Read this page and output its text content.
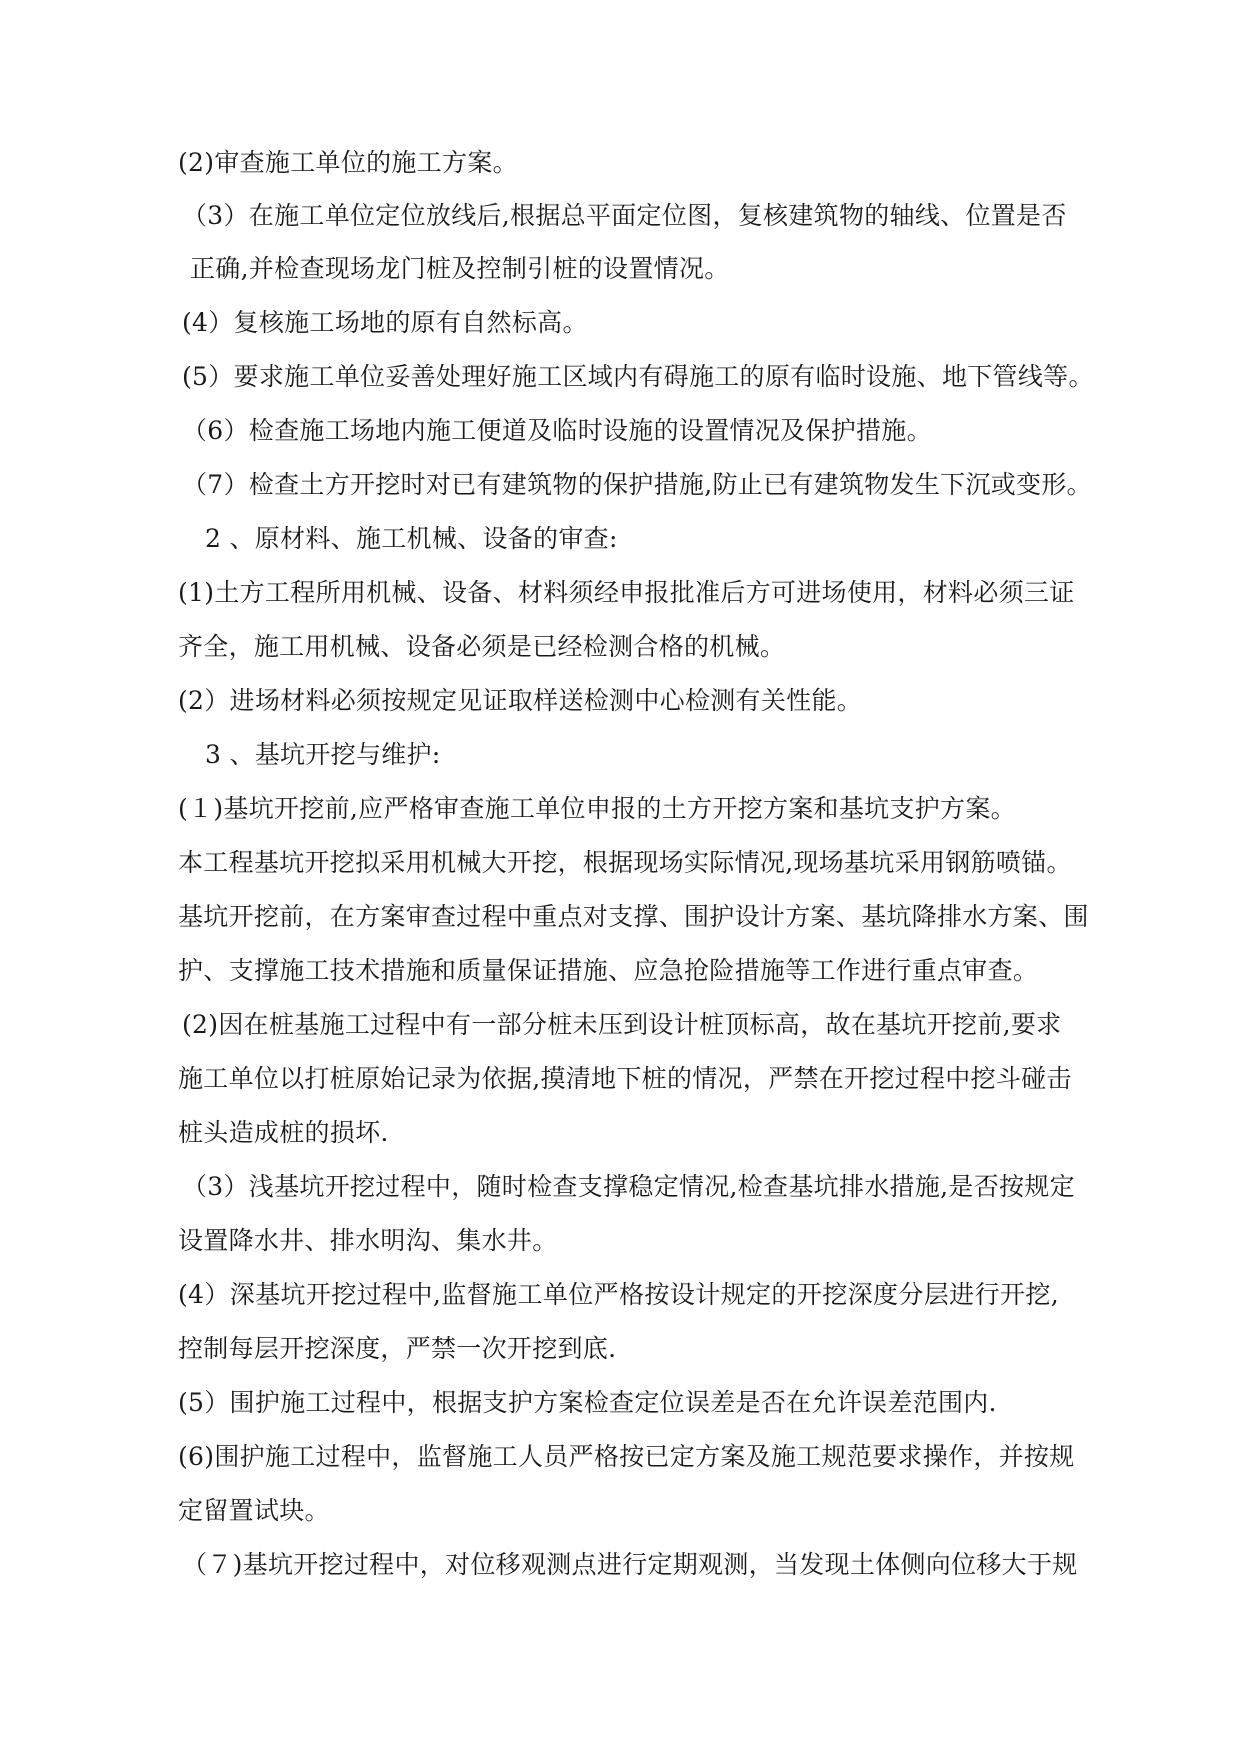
(2)审查施工单位的施工方案。
（3）在施工单位定位放线后,根据总平面定位图，复核建筑物的轴线、位置是否
正确,并检查现场龙门桩及控制引桩的设置情况。
(4）复核施工场地的原有自然标高。
(5）要求施工单位妥善处理好施工区域内有碍施工的原有临时设施、地下管线等。
（6）检查施工场地内施工便道及临时设施的设置情况及保护措施。
（7）检查土方开挖时对已有建筑物的保护措施,防止已有建筑物发生下沉或变形。
2 、原材料、施工机械、设备的审查:
(1)土方工程所用机械、设备、材料须经申报批准后方可进场使用，材料必须三证
齐全，施工用机械、设备必须是已经检测合格的机械。
(2）进场材料必须按规定见证取样送检测中心检测有关性能。
3 、基坑开挖与维护:
(１)基坑开挖前,应严格审查施工单位申报的土方开挖方案和基坑支护方案。
本工程基坑开挖拟采用机械大开挖，根据现场实际情况,现场基坑采用钢筋喷锚。
基坑开挖前，在方案审查过程中重点对支撑、围护设计方案、基坑降排水方案、围
护、支撑施工技术措施和质量保证措施、应急抢险措施等工作进行重点审查。
(2)因在桩基施工过程中有一部分桩未压到设计桩顶标高，故在基坑开挖前,要求
施工单位以打桩原始记录为依据,摸清地下桩的情况，严禁在开挖过程中挖斗碰击
桩头造成桩的损坏.
（3）浅基坑开挖过程中，随时检查支撑稳定情况,检查基坑排水措施,是否按规定
设置降水井、排水明沟、集水井。
(4）深基坑开挖过程中,监督施工单位严格按设计规定的开挖深度分层进行开挖,
控制每层开挖深度，严禁一次开挖到底.
(5）围护施工过程中，根据支护方案检查定位误差是否在允许误差范围内.
(6)围护施工过程中，监督施工人员严格按已定方案及施工规范要求操作，并按规
定留置试块。
（７)基坑开挖过程中，对位移观测点进行定期观测，当发现土体侧向位移大于规
